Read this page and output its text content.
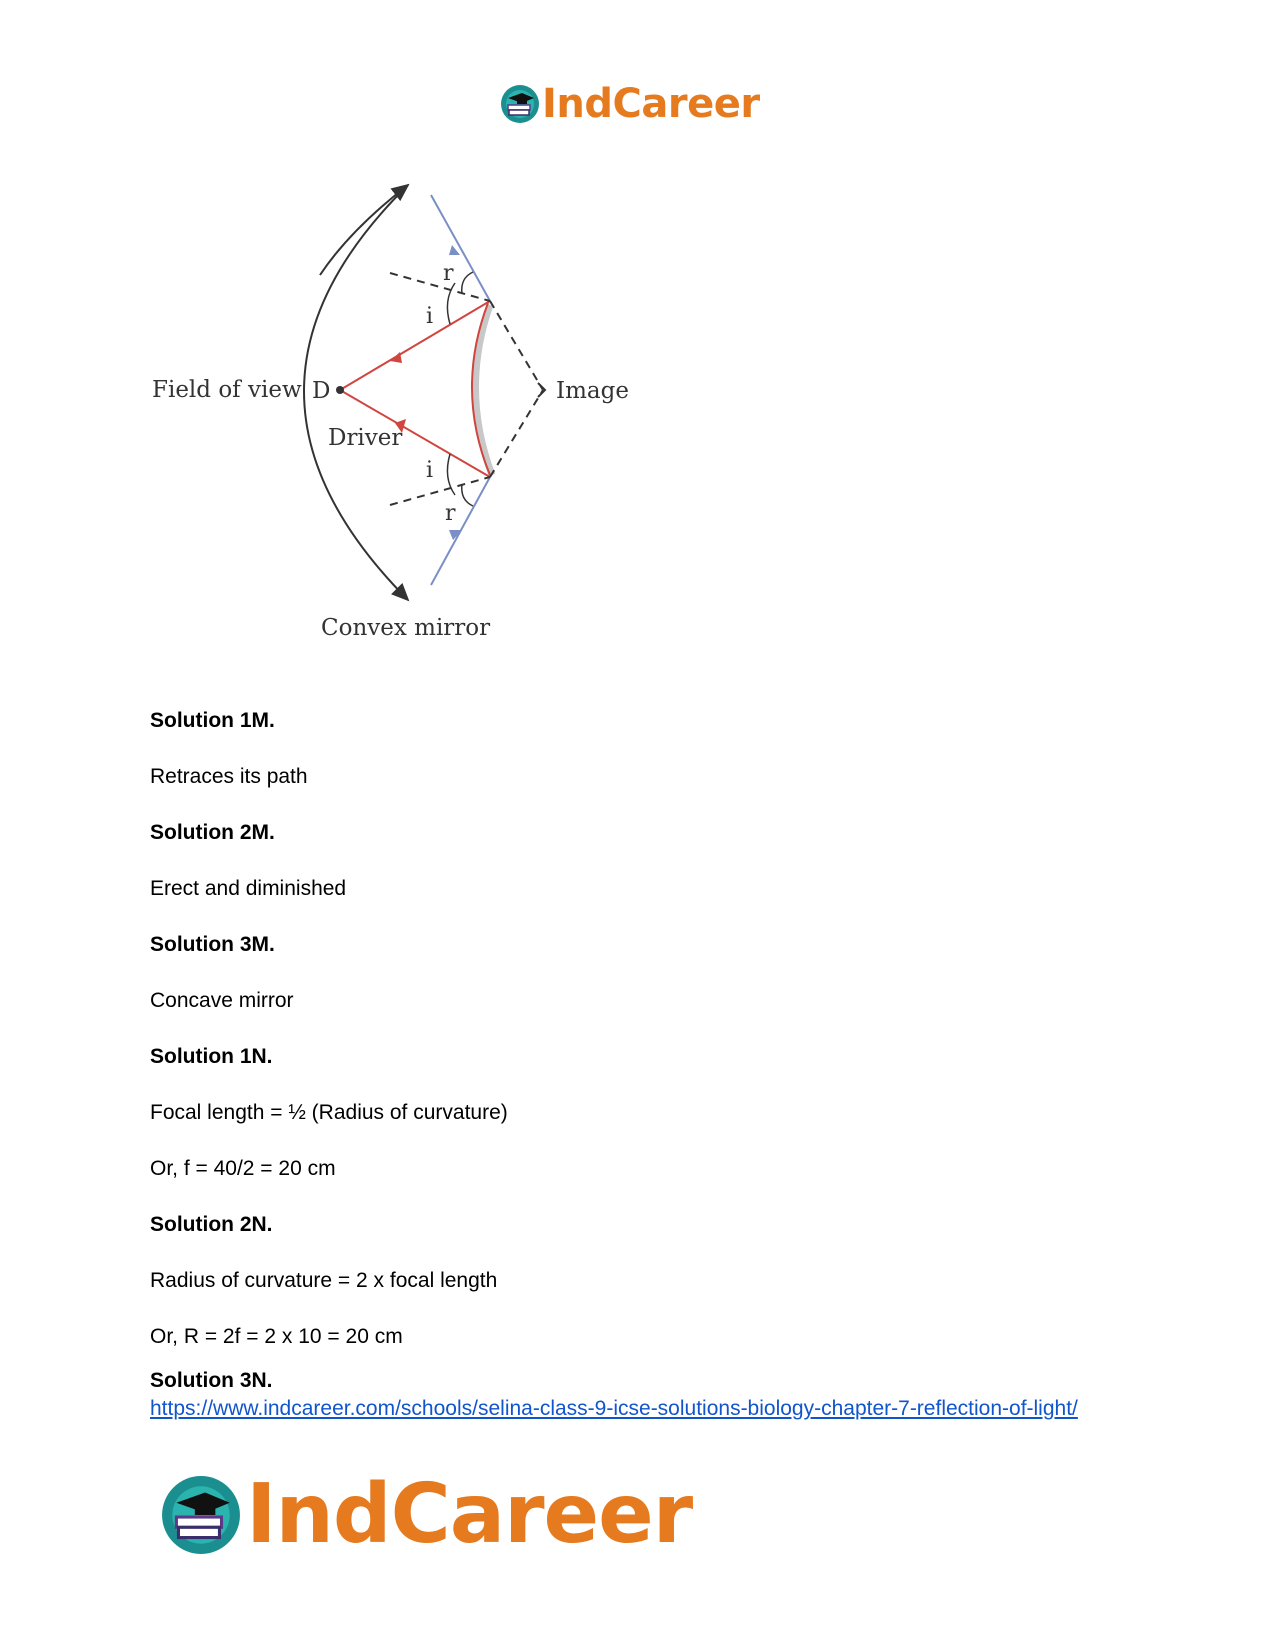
IndCareer
Field of view D
Driver
Image
Convex mirror
r
i
i
r

Solution 1M.

Retraces its path

Solution 2M.

Erect and diminished

Solution 3M.

Concave mirror

Solution 1N.

Focal length = ½ (Radius of curvature)

Or, f = 40/2 = 20 cm

Solution 2N.

Radius of curvature = 2 x focal length

Or, R = 2f = 2 x 10 = 20 cm

Solution 3N.

https://www.indcareer.com/schools/selina-class-9-icse-solutions-biology-chapter-7-reflection-of-light/
IndCareer
